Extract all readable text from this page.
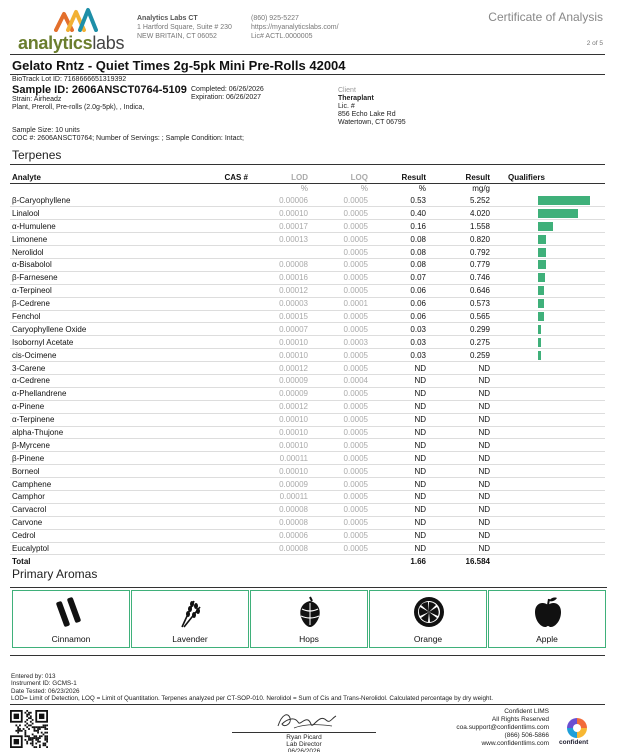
analyticslabs
Analytics Labs CT
1 Hartford Square, Suite # 230
NEW BRITAIN, CT 06052
(860) 925-5227
https://myanalyticslabs.com/
Lic# ACTL.0000005
Certificate of Analysis
2 of 5
Gelato Rntz - Quiet Times 2g-5pk Mini Pre-Rolls 42004
BioTrack Lot ID: 7168666651319392
Sample ID: 2606ANSCT0764-5109
Strain: Airheadz
Plant, Preroll, Pre-rolls (2.0g-5pk), , Indica,
Completed: 06/26/2026
Expiration: 06/26/2027
Client
Theraplant
Lic. #
856 Echo Lake Rd
Watertown, CT 06795
Sample Size: 10 units
COC #: 2606ANSCT0764; Number of Servings: ; Sample Condition: Intact;
Terpenes
Analyte	CAS #	LOD	LOQ	Result	Result	Qualifiers
		%	%	%	mg/g	
β-Caryophyllene		0.00006	0.0005	0.53	5.252	

Linalool		0.00010	0.0005	0.40	4.020	

α-Humulene		0.00017	0.0005	0.16	1.558	

Limonene		0.00013	0.0005	0.08	0.820	

Nerolidol			0.0005	0.08	0.792	

α-Bisabolol		0.00008	0.0005	0.08	0.779	

β-Farnesene		0.00016	0.0005	0.07	0.746	

α-Terpineol		0.00012	0.0005	0.06	0.646	

β-Cedrene		0.00003	0.0001	0.06	0.573	

Fenchol		0.00015	0.0005	0.06	0.565	

Caryophyllene Oxide		0.00007	0.0005	0.03	0.299	

Isobornyl Acetate		0.00010	0.0003	0.03	0.275	

cis-Ocimene		0.00010	0.0005	0.03	0.259	

3-Carene		0.00012	0.0005	ND	ND	
α-Cedrene		0.00009	0.0004	ND	ND	
α-Phellandrene		0.00009	0.0005	ND	ND	
α-Pinene		0.00012	0.0005	ND	ND	
α-Terpinene		0.00010	0.0005	ND	ND	
alpha-Thujone		0.00010	0.0005	ND	ND	
β-Myrcene		0.00010	0.0005	ND	ND	
β-Pinene		0.00011	0.0005	ND	ND	
Borneol		0.00010	0.0005	ND	ND	
Camphene		0.00009	0.0005	ND	ND	
Camphor		0.00011	0.0005	ND	ND	
Carvacrol		0.00008	0.0005	ND	ND	
Carvone		0.00008	0.0005	ND	ND	
Cedrol		0.00006	0.0005	ND	ND	
Eucalyptol		0.00008	0.0005	ND	ND	
Total				1.66	16.584	
Primary Aromas
Cinnamon	Lavender	Hops	Orange	Apple
Entered by: 013
Instrument ID: GCMS-1
Date Tested: 06/23/2026
LOD= Limit of Detection, LOQ = Limit of Quantitation. Terpenes analyzed per CT-SOP-010. Nerolidol = Sum of Cis and Trans-Nerolidol. Calculated percentage by dry weight.
Ryan Picard
Lab Director
06/26/2026
Confident LIMS
All Rights Reserved
coa.support@confidentlims.com
(866) 506-5866
www.confidentlims.com confident
